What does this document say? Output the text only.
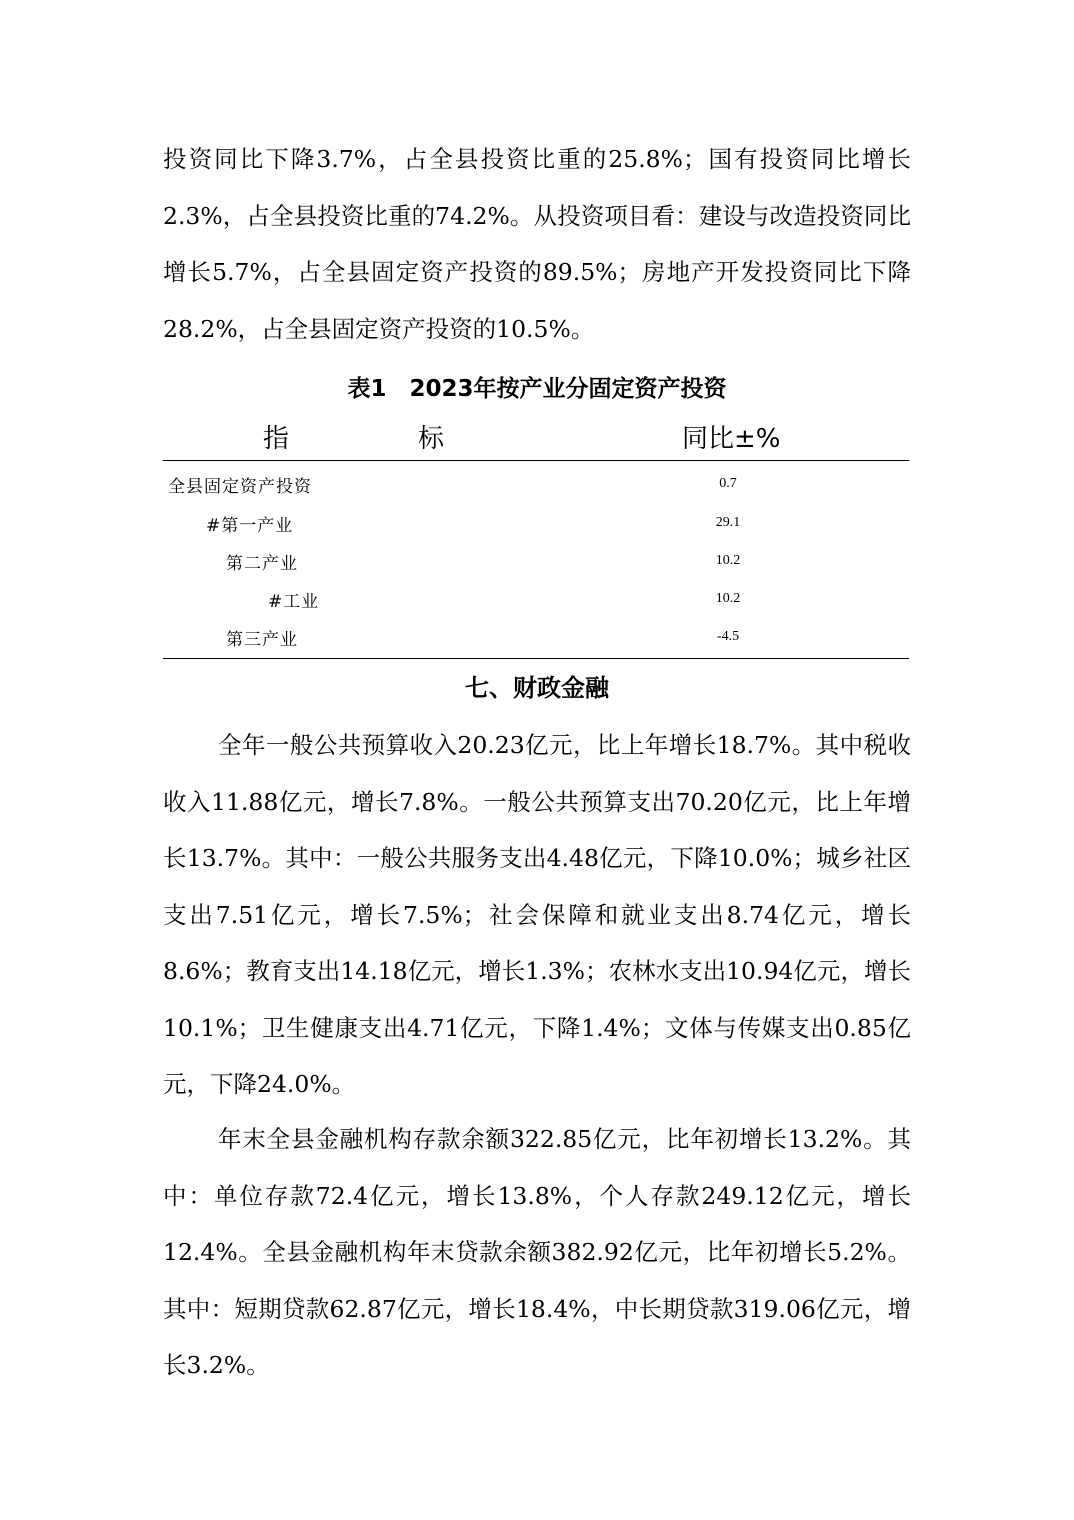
投资同比下降3.7%，占全县投资比重的25.8%；国有投资同比增长2.3%，占全县投资比重的74.2%。从投资项目看：建设与改造投资同比增长5.7%，占全县固定资产投资的89.5%；房地产开发投资同比下降28.2%，占全县固定资产投资的10.5%。

表1　2023年按产业分固定资产投资
指	标	同比±%
全县固定资产投资	0.7
#第一产业	29.1
第二产业	10.2
#工业	10.2
第三产业	-4.5
七、财政金融

全年一般公共预算收入20.23亿元，比上年增长18.7%。其中税收收入11.88亿元，增长7.8%。一般公共预算支出70.20亿元，比上年增长13.7%。其中：一般公共服务支出4.48亿元，下降10.0%；城乡社区支出7.51亿元，增长7.5%；社会保障和就业支出8.74亿元，增长8.6%；教育支出14.18亿元，增长1.3%；农林水支出10.94亿元，增长10.1%；卫生健康支出4.71亿元，下降1.4%；文体与传媒支出0.85亿元，下降24.0%。

年末全县金融机构存款余额322.85亿元，比年初增长13.2%。其中：单位存款72.4亿元，增长13.8%，个人存款249.12亿元，增长12.4%。全县金融机构年末贷款余额382.92亿元，比年初增长5.2%。其中：短期贷款62.87亿元，增长18.4%，中长期贷款319.06亿元，增长3.2%。
